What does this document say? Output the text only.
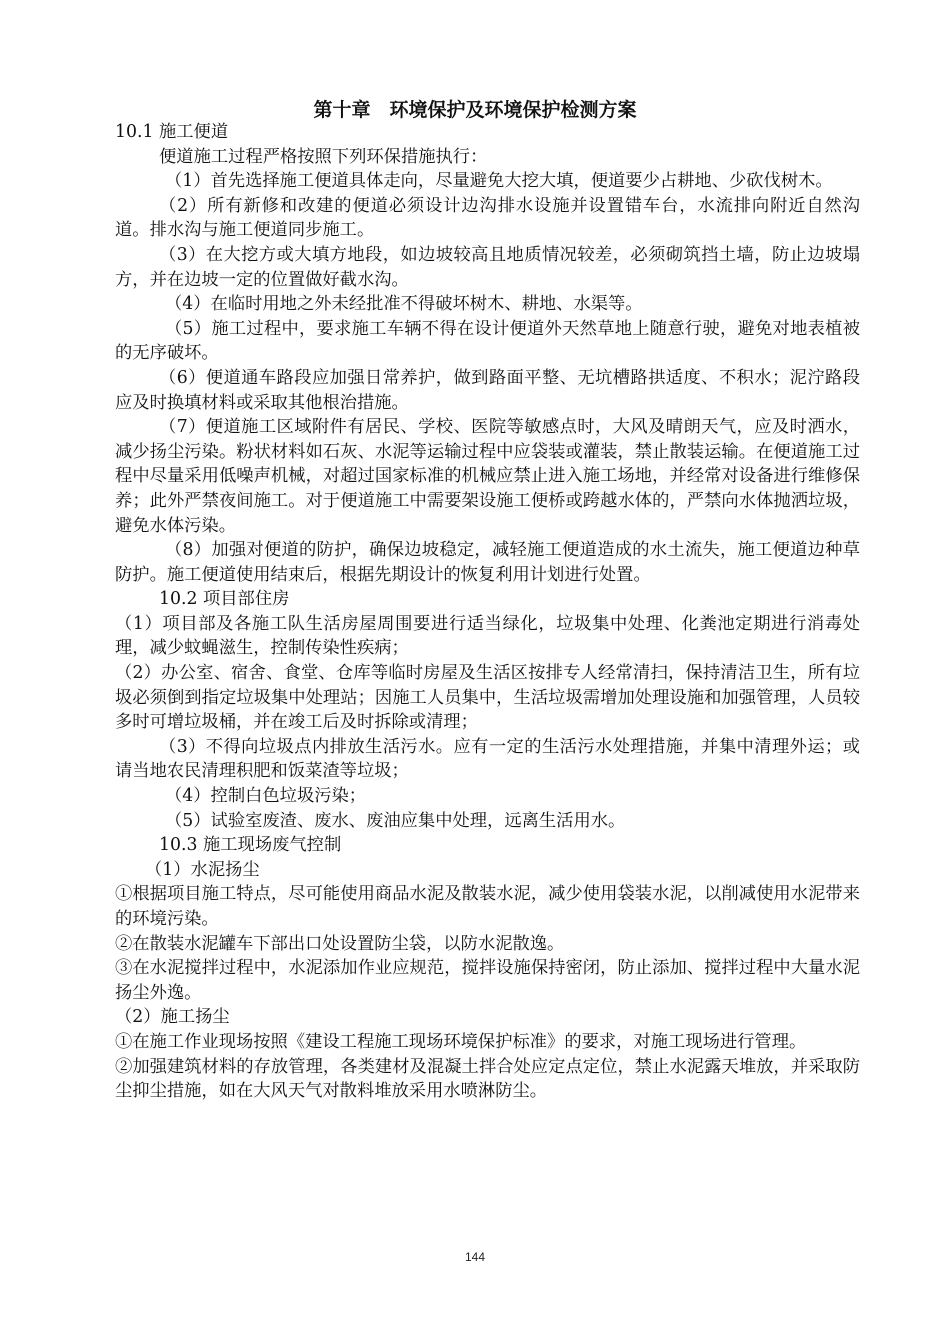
第十章　环境保护及环境保护检测方案

10.1 施工便道

便道施工过程严格按照下列环保措施执行：

（1）首先选择施工便道具体走向，尽量避免大挖大填，便道要少占耕地、少砍伐树木。

（2）所有新修和改建的便道必须设计边沟排水设施并设置错车台，水流排向附近自然沟道。排水沟与施工便道同步施工。

（3）在大挖方或大填方地段，如边坡较高且地质情况较差，必须砌筑挡土墙，防止边坡塌方，并在边坡一定的位置做好截水沟。

（4）在临时用地之外未经批准不得破坏树木、耕地、水渠等。

（5）施工过程中，要求施工车辆不得在设计便道外天然草地上随意行驶，避免对地表植被的无序破坏。

（6）便道通车路段应加强日常养护，做到路面平整、无坑槽路拱适度、不积水；泥泞路段应及时换填材料或采取其他根治措施。

（7）便道施工区域附件有居民、学校、医院等敏感点时，大风及晴朗天气，应及时洒水，减少扬尘污染。粉状材料如石灰、水泥等运输过程中应袋装或灌装，禁止散装运输。在便道施工过程中尽量采用低噪声机械，对超过国家标准的机械应禁止进入施工场地，并经常对设备进行维修保养；此外严禁夜间施工。对于便道施工中需要架设施工便桥或跨越水体的，严禁向水体抛洒垃圾，避免水体污染。

（8）加强对便道的防护，确保边坡稳定，减轻施工便道造成的水土流失，施工便道边种草防护。施工便道使用结束后，根据先期设计的恢复利用计划进行处置。

10.2 项目部住房

（1）项目部及各施工队生活房屋周围要进行适当绿化，垃圾集中处理、化粪池定期进行消毒处理，减少蚊蝇滋生，控制传染性疾病；

（2）办公室、宿舍、食堂、仓库等临时房屋及生活区按排专人经常清扫，保持清洁卫生，所有垃圾必须倒到指定垃圾集中处理站；因施工人员集中，生活垃圾需增加处理设施和加强管理，人员较多时可增垃圾桶，并在竣工后及时拆除或清理；

（3）不得向垃圾点内排放生活污水。应有一定的生活污水处理措施，并集中清理外运；或请当地农民清理积肥和饭菜渣等垃圾；

（4）控制白色垃圾污染；

（5）试验室废渣、废水、废油应集中处理，远离生活用水。

10.3 施工现场废气控制

（1）水泥扬尘

①根据项目施工特点，尽可能使用商品水泥及散装水泥，减少使用袋装水泥，以削减使用水泥带来的环境污染。

②在散装水泥罐车下部出口处设置防尘袋，以防水泥散逸。

③在水泥搅拌过程中，水泥添加作业应规范，搅拌设施保持密闭，防止添加、搅拌过程中大量水泥扬尘外逸。

（2）施工扬尘

①在施工作业现场按照《建设工程施工现场环境保护标准》的要求，对施工现场进行管理。

②加强建筑材料的存放管理，各类建材及混凝土拌合处应定点定位，禁止水泥露天堆放，并采取防尘抑尘措施，如在大风天气对散料堆放采用水喷淋防尘。

144
